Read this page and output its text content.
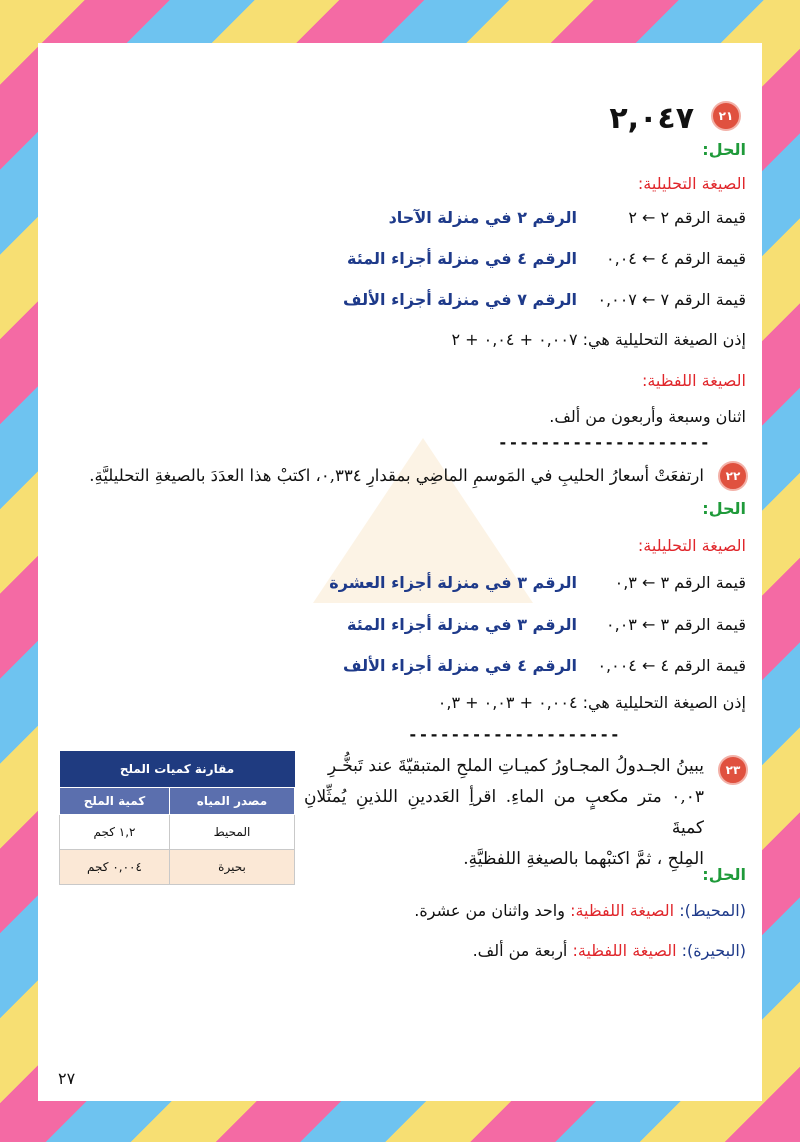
٢١
٢,٠٤٧
الحل:
الصيغة التحليلية:
قيمة الرقم ٢ ← ٢
الرقم ٢ في منزلة الآحاد
قيمة الرقم ٤ ← ٠,٠٤
الرقم ٤ في منزلة أجزاء المئة
قيمة الرقم ٧ ← ٠,٠٠٧
الرقم ٧ في منزلة أجزاء الألف
إذن الصيغة التحليلية هي: ٠,٠٠٧ + ٠,٠٤ + ٢
الصيغة اللفظية:
اثنان وسبعة وأربعون من ألف.
--------------------
٢٢
ارتفعَتْ أسعارُ الحليبِ في المَوسمِ الماضِي بمقدارِ ٠,٣٣٤، اكتبْ هذا العدَدَ بالصيغةِ التحليليَّةِ.
الحل:
الصيغة التحليلية:
قيمة الرقم ٣ ← ٠,٣
الرقم ٣ في منزلة أجزاء العشرة
قيمة الرقم ٣ ← ٠,٠٣
الرقم ٣ في منزلة أجزاء المئة
قيمة الرقم ٤ ← ٠,٠٠٤
الرقم ٤ في منزلة أجزاء الألف
إذن الصيغة التحليلية هي: ٠,٠٠٤ + ٠,٠٣ + ٠,٣
--------------------
٢٣
يبينُ الجـدولُ المجـاورُ كميـاتِ الملحِ المتبقيّةَ عند تَبخُّـرِ
٠,٠٣ متر مكعبٍ من الماءِ. اقرأِ العَددينِ اللذينِ يُمثِّلانِ كميةَ
المِلحِ ، ثمَّ اكتبْهما بالصيغةِ اللفظيَّةِ.
الحل:
(المحيط): الصيغة اللفظية: واحد واثنان من عشرة.
(البحيرة): الصيغة اللفظية: أربعة من ألف.
٢٧
مقارنة كميات الملح	
مصدر المياه	كمية الملح
المحيط	١,٢ كجم
بحيرة	٠,٠٠٤ كجم
